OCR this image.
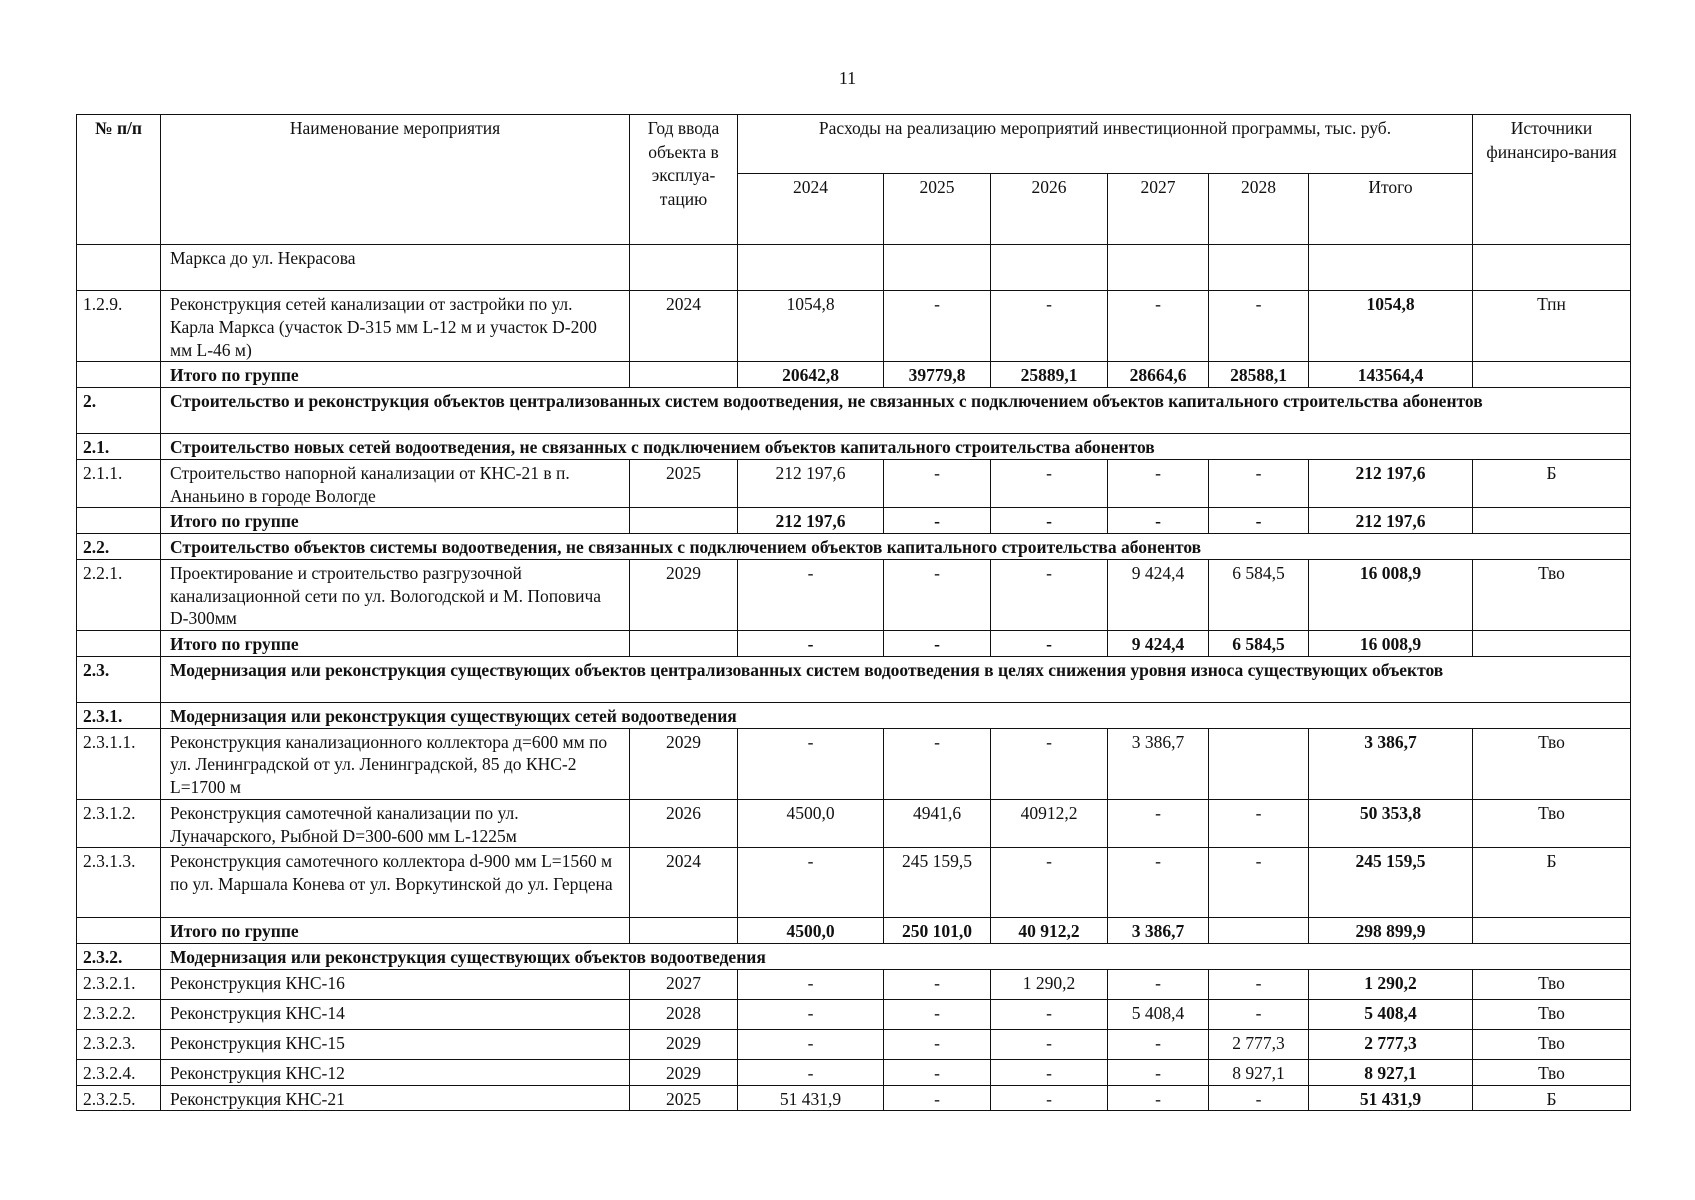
11
№ п/п	Наименование мероприятия	Год ввода объекта в эксплуа-тацию	Расходы на реализацию мероприятий инвестиционной программы, тыс. руб.						Источники финансиро-вания
			2024	2025	2026	2027	2028	Итого	
	Маркса до ул. Некрасова								
1.2.9.	Реконструкция сетей канализации от застройки по ул. Карла Маркса (участок D-315 мм L-12 м и участок D-200 мм L-46 м)	2024	1054,8	-	-	-	-	1054,8	Тпн
	Итого по группе		20642,8	39779,8	25889,1	28664,6	28588,1	143564,4	
2.	Строительство и реконструкция объектов централизованных систем водоотведения, не связанных с подключением объектов капитального строительства абонентов								
2.1.	Строительство новых сетей водоотведения, не связанных с подключением объектов капитального строительства абонентов								
2.1.1.	Строительство напорной канализации от КНС-21 в п. Ананьино в городе Вологде	2025	212 197,6	-	-	-	-	212 197,6	Б
	Итого по группе		212 197,6	-	-	-	-	212 197,6	
2.2.	Строительство объектов системы водоотведения, не связанных с подключением объектов капитального строительства абонентов								
2.2.1.	Проектирование и строительство разгрузочной канализационной сети по ул. Вологодской и М. Поповича D-300мм	2029	-	-	-	9 424,4	6 584,5	16 008,9	Тво
	Итого по группе		-	-	-	9 424,4	6 584,5	16 008,9	
2.3.	Модернизация или реконструкция существующих объектов централизованных систем водоотведения в целях снижения уровня износа существующих объектов								
2.3.1.	Модернизация или реконструкция существующих сетей водоотведения								
2.3.1.1.	Реконструкция канализационного коллектора д=600 мм по ул. Ленинградской от ул. Ленинградской, 85 до КНС-2 L=1700 м	2029	-	-	-	3 386,7		3 386,7	Тво
2.3.1.2.	Реконструкция самотечной канализации по ул. Луначарского, Рыбной D=300-600 мм L-1225м	2026	4500,0	4941,6	40912,2	-	-	50 353,8	Тво
2.3.1.3.	Реконструкция самотечного коллектора d-900 мм L=1560 м по ул. Маршала Конева от ул. Воркутинской до ул. Герцена	2024	-	245 159,5	-	-	-	245 159,5	Б
	Итого по группе		4500,0	250 101,0	40 912,2	3 386,7		298 899,9	
2.3.2.	Модернизация или реконструкция существующих объектов водоотведения								
2.3.2.1.	Реконструкция КНС-16	2027	-	-	1 290,2	-	-	1 290,2	Тво
2.3.2.2.	Реконструкция КНС-14	2028	-	-	-	5 408,4	-	5 408,4	Тво
2.3.2.3.	Реконструкция КНС-15	2029	-	-	-	-	2 777,3	2 777,3	Тво
2.3.2.4.	Реконструкция КНС-12	2029	-	-	-	-	8 927,1	8 927,1	Тво
2.3.2.5.	Реконструкция КНС-21	2025	51 431,9	-	-	-	-	51 431,9	Б
